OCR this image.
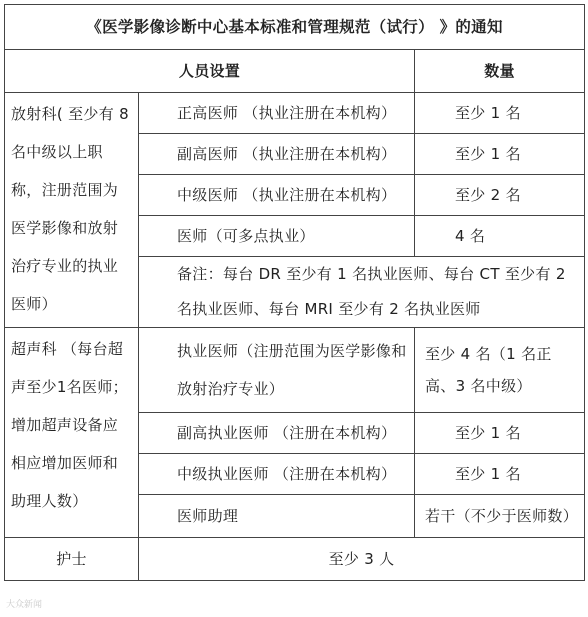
《医学影像诊断中心基本标准和管理规范（试行） 》的通知		
人员设置		数量
放射科( 至少有 8 名中级以上职称，注册范围为医学影像和放射治疗专业的执业医师）	正高医师 （执业注册在本机构）	至少 1 名
	副高医师 （执业注册在本机构）	至少 1 名
	中级医师 （执业注册在本机构）	至少 2 名
	医师（可多点执业）	4 名
	备注：每台 DR 至少有 1 名执业医师、每台 CT 至少有 2 名执业医师、每台 MRI 至少有 2 名执业医师	

超声科 （每台超声至少1名医师；增加超声设备应相应增加医师和助理人数）	执业医师（注册范围为医学影像和放射治疗专业）	至少 4 名（1 名正高、3 名中级）
	副高执业医师 （注册在本机构）	至少 1 名
	中级执业医师 （注册在本机构）	至少 1 名
	医师助理	若干（不少于医师数）
护士	至少 3 人	
大众新闻
